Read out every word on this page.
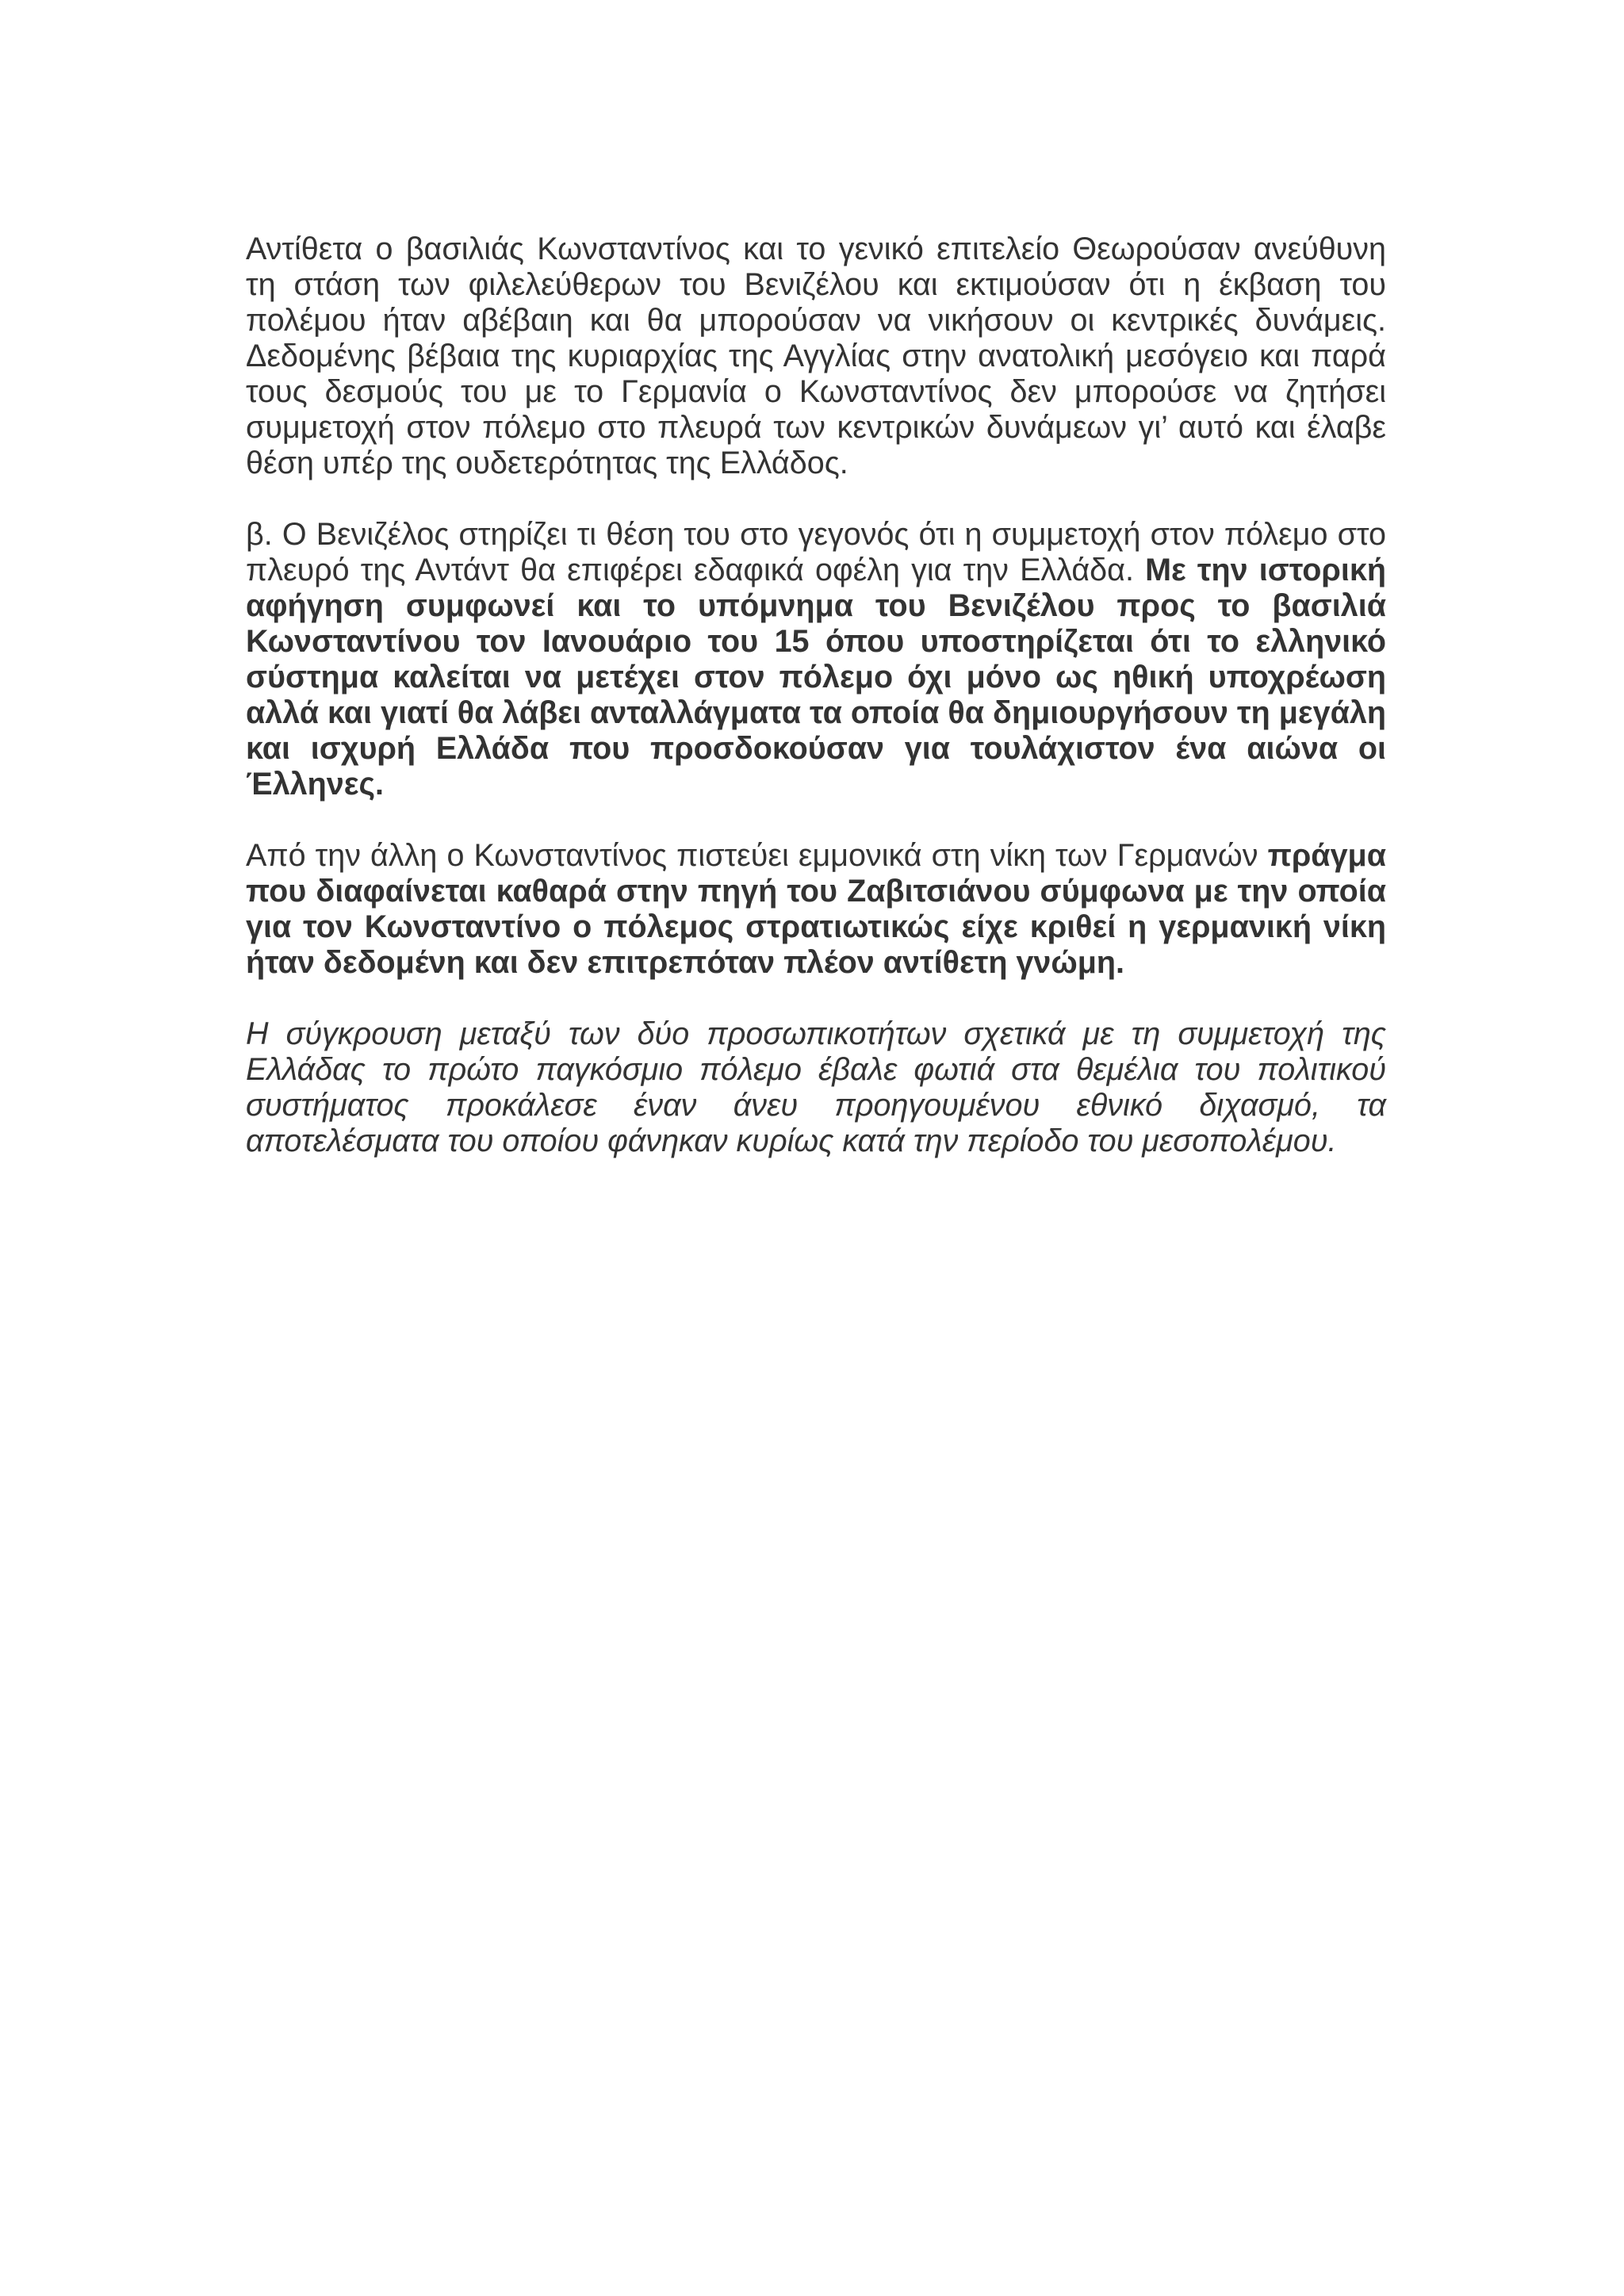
Αντίθετα ο βασιλιάς Κωνσταντίνος και το γενικό επιτελείο Θεωρούσαν ανεύθυνη τη στάση των φιλελεύθερων του Βενιζέλου και εκτιμούσαν ότι η έκβαση του πολέμου ήταν αβέβαιη και θα μπορούσαν να νικήσουν οι κεντρικές δυνάμεις. Δεδομένης βέβαια της κυριαρχίας της Αγγλίας στην ανατολική μεσόγειο και παρά τους δεσμούς του με το Γερμανία ο Κωνσταντίνος δεν μπορούσε να ζητήσει συμμετοχή στον πόλεμο στο πλευρά των κεντρικών δυνάμεων γι’ αυτό και έλαβε θέση υπέρ της ουδετερότητας της Ελλάδος.

β. Ο Βενιζέλος στηρίζει τι θέση του στο γεγονός ότι η συμμετοχή στον πόλεμο στο πλευρό της Αντάντ θα επιφέρει εδαφικά οφέλη για την Ελλάδα. Με την ιστορική αφήγηση συμφωνεί και το υπόμνημα του Βενιζέλου προς το βασιλιά Κωνσταντίνου τον Ιανουάριο του 15 όπου υποστηρίζεται ότι το ελληνικό σύστημα καλείται να μετέχει στον πόλεμο όχι μόνο ως ηθική υποχρέωση αλλά και γιατί θα λάβει ανταλλάγματα τα οποία θα δημιουργήσουν τη μεγάλη και ισχυρή Ελλάδα που προσδοκούσαν για τουλάχιστον ένα αιώνα οι Έλληνες.

Από την άλλη ο Κωνσταντίνος πιστεύει εμμονικά στη νίκη των Γερμανών πράγμα που διαφαίνεται καθαρά στην πηγή του Ζαβιτσιάνου σύμφωνα με την οποία για τον Κωνσταντίνο ο πόλεμος στρατιωτικώς είχε κριθεί η γερμανική νίκη ήταν δεδομένη και δεν επιτρεπόταν πλέον αντίθετη γνώμη.

Η σύγκρουση μεταξύ των δύο προσωπικοτήτων σχετικά με τη συμμετοχή της Ελλάδας το πρώτο παγκόσμιο πόλεμο έβαλε φωτιά στα θεμέλια του πολιτικού συστήματος προκάλεσε έναν άνευ προηγουμένου εθνικό διχασμό, τα αποτελέσματα του οποίου φάνηκαν κυρίως κατά την περίοδο του μεσοπολέμου.
